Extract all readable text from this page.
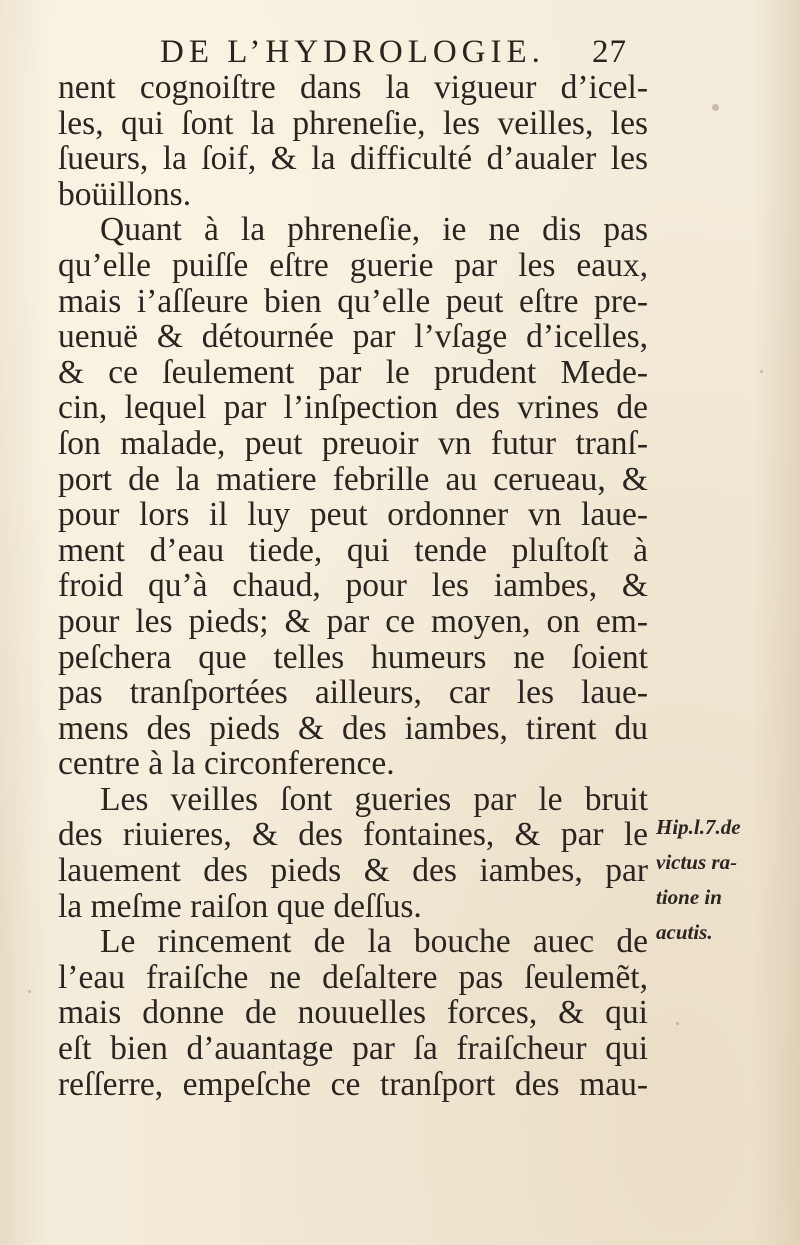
DE L’HYDROLOGIE. 27
nent cognoiſtre dans la vigueur d’icel-
les, qui ſont la phreneſie, les veilles, les
ſueurs, la ſoif, & la difficulté d’aualer les
boüillons.
Quant à la phreneſie, ie ne dis pas
qu’elle puiſſe eſtre guerie par les eaux,
mais i’aſſeure bien qu’elle peut eſtre pre-
uenuë & détournée par l’vſage d’icelles,
& ce ſeulement par le prudent Mede-
cin, lequel par l’inſpection des vrines de
ſon malade, peut preuoir vn futur tranſ-
port de la matiere febrille au cerueau, &
pour lors il luy peut ordonner vn laue-
ment d’eau tiede, qui tende pluſtoſt à
froid qu’à chaud, pour les iambes, &
pour les pieds; & par ce moyen, on em-
peſchera que telles humeurs ne ſoient
pas tranſportées ailleurs, car les laue-
mens des pieds & des iambes, tirent du
centre à la circonference.
Les veilles ſont gueries par le bruit
des riuieres, & des fontaines, & par le
lauement des pieds & des iambes, par
la meſme raiſon que deſſus.
Le rincement de la bouche auec de
l’eau fraiſche ne deſaltere pas ſeulemẽt,
mais donne de nouuelles forces, & qui
eſt bien d’auantage par ſa fraiſcheur qui
reſſerre, empeſche ce tranſport des mau-
Hip.l.7.de
victus ra-
tione in
acutis.
